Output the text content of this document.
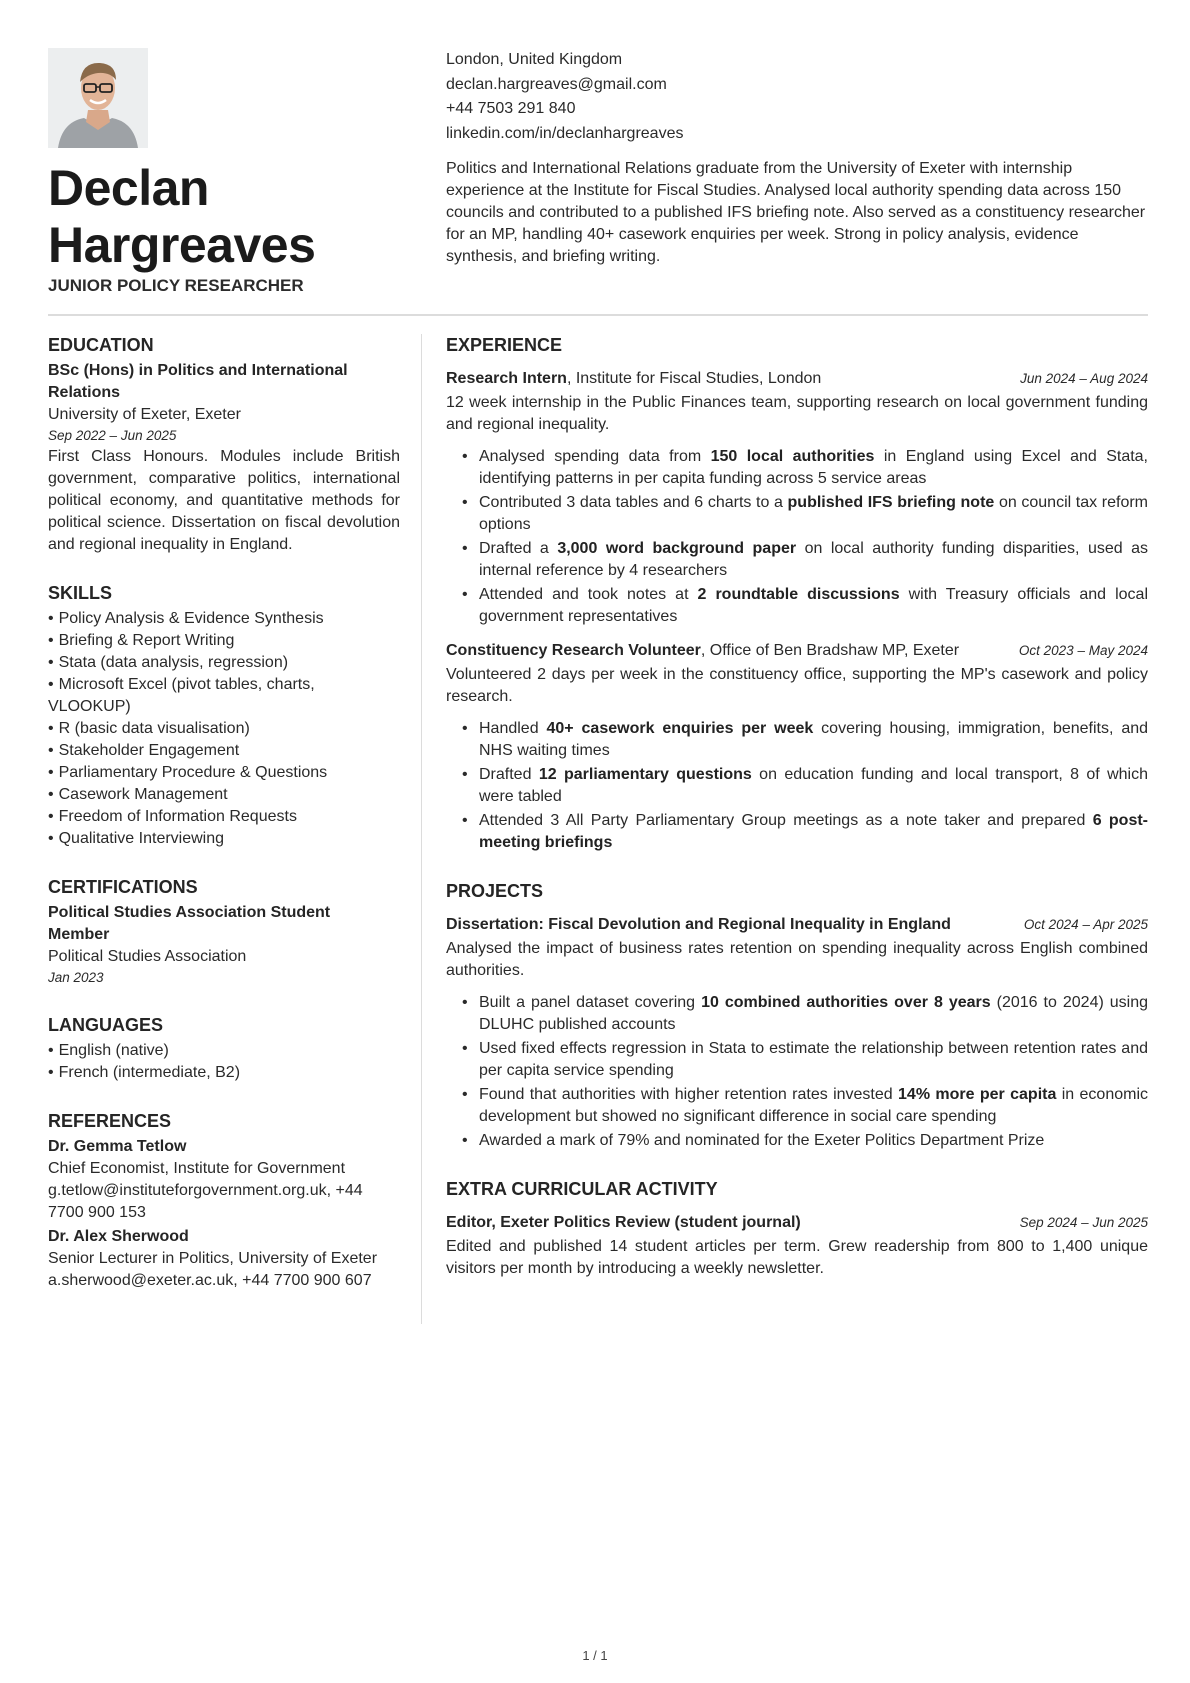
Declan
Hargreaves
JUNIOR POLICY RESEARCHER
London, United Kingdom
declan.hargreaves@gmail.com
+44 7503 291 840
linkedin.com/in/declanhargreaves
Politics and International Relations graduate from the University of Exeter with internship experience at the Institute for Fiscal Studies. Analysed local authority spending data across 150 councils and contributed to a published IFS briefing note. Also served as a constituency researcher for an MP, handling 40+ casework enquiries per week. Strong in policy analysis, evidence synthesis, and briefing writing.
EDUCATION
BSc (Hons) in Politics and International Relations
University of Exeter, Exeter
Sep 2022 – Jun 2025
First Class Honours. Modules include British government, comparative politics, international political economy, and quantitative methods for political science. Dissertation on fiscal devolution and regional inequality in England.
SKILLS
• Policy Analysis & Evidence Synthesis
• Briefing & Report Writing
• Stata (data analysis, regression)
• Microsoft Excel (pivot tables, charts, VLOOKUP)
• R (basic data visualisation)
• Stakeholder Engagement
• Parliamentary Procedure & Questions
• Casework Management
• Freedom of Information Requests
• Qualitative Interviewing
CERTIFICATIONS
Political Studies Association Student Member
Political Studies Association
Jan 2023
LANGUAGES
• English (native)
• French (intermediate, B2)
REFERENCES
Dr. Gemma Tetlow
Chief Economist, Institute for Government
g.tetlow@instituteforgovernment.org.uk, +44 7700 900 153
Dr. Alex Sherwood
Senior Lecturer in Politics, University of Exeter
a.sherwood@exeter.ac.uk, +44 7700 900 607
EXPERIENCE
Research Intern, Institute for Fiscal Studies, London	Jun 2024 – Aug 2024
12 week internship in the Public Finances team, supporting research on local government funding and regional inequality.
• Analysed spending data from 150 local authorities in England using Excel and Stata, identifying patterns in per capita funding across 5 service areas
• Contributed 3 data tables and 6 charts to a published IFS briefing note on council tax reform options
• Drafted a 3,000 word background paper on local authority funding disparities, used as internal reference by 4 researchers
• Attended and took notes at 2 roundtable discussions with Treasury officials and local government representatives
Constituency Research Volunteer, Office of Ben Bradshaw MP, Exeter	Oct 2023 – May 2024
Volunteered 2 days per week in the constituency office, supporting the MP's casework and policy research.
• Handled 40+ casework enquiries per week covering housing, immigration, benefits, and NHS waiting times
• Drafted 12 parliamentary questions on education funding and local transport, 8 of which were tabled
• Attended 3 All Party Parliamentary Group meetings as a note taker and prepared 6 post-meeting briefings
PROJECTS
Dissertation: Fiscal Devolution and Regional Inequality in England	Oct 2024 – Apr 2025
Analysed the impact of business rates retention on spending inequality across English combined authorities.
• Built a panel dataset covering 10 combined authorities over 8 years (2016 to 2024) using DLUHC published accounts
• Used fixed effects regression in Stata to estimate the relationship between retention rates and per capita service spending
• Found that authorities with higher retention rates invested 14% more per capita in economic development but showed no significant difference in social care spending
• Awarded a mark of 79% and nominated for the Exeter Politics Department Prize
EXTRA CURRICULAR ACTIVITY
Editor, Exeter Politics Review (student journal)	Sep 2024 – Jun 2025
Edited and published 14 student articles per term. Grew readership from 800 to 1,400 unique visitors per month by introducing a weekly newsletter.
1 / 1
